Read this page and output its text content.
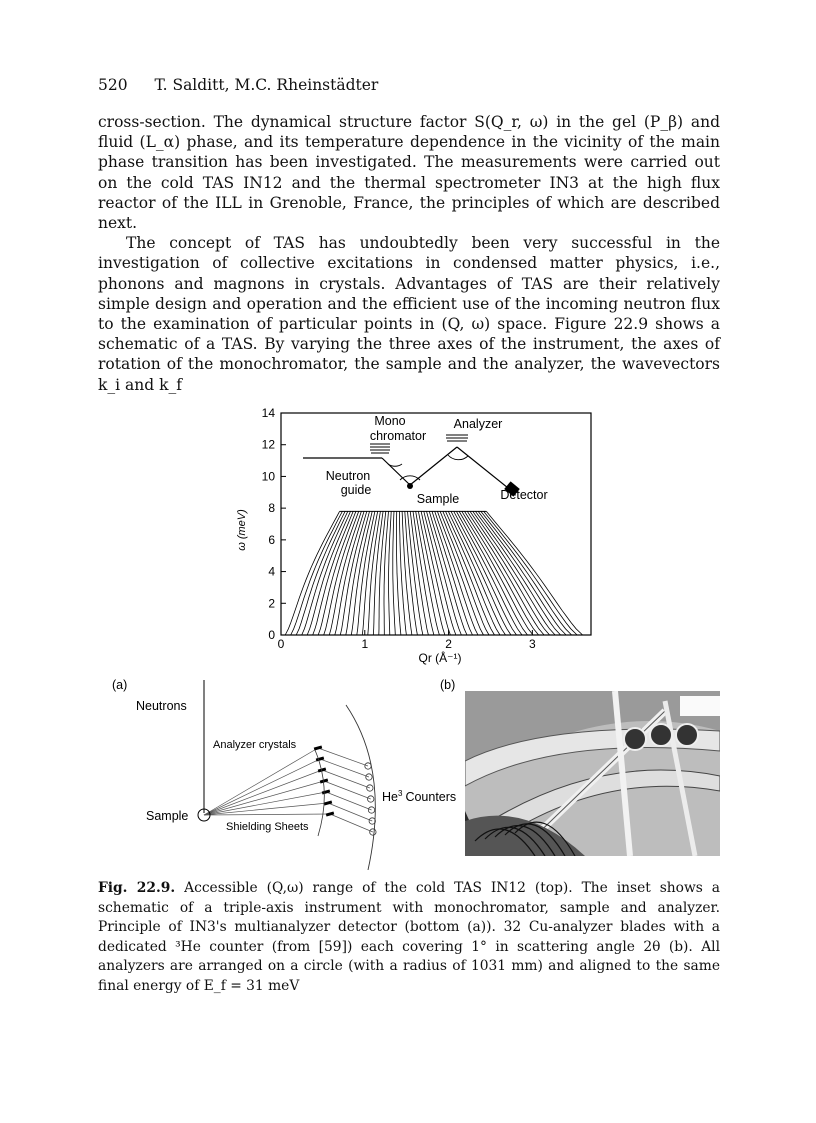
520 T. Salditt, M.C. Rheinstädter

cross-section. The dynamical structure factor S(Q_r, ω) in the gel (P_β) and fluid (L_α) phase, and its temperature dependence in the vicinity of the main phase transition has been investigated. The measurements were carried out on the cold TAS IN12 and the thermal spectrometer IN3 at the high flux reactor of the ILL in Grenoble, France, the principles of which are described next.

The concept of TAS has undoubtedly been very successful in the investigation of collective excitations in condensed matter physics, i.e., phonons and magnons in crystals. Advantages of TAS are their relatively simple design and operation and the efficient use of the incoming neutron flux to the examination of particular points in (Q, ω) space. Figure 22.9 shows a schematic of a TAS. By varying the three axes of the instrument, the axes of rotation of the monochromator, the sample and the analyzer, the wavevectors k_i and k_f

0
2
4
6
8
10
12
14
0	1	2	3
ω (meV)
Qr (Å⁻¹)
Mono
chromator
Analyzer
Neutron
guide
Sample	Detector
(a)
Neutrons
Analyzer crystals
Sample
He$^3$ Counters
Shielding Sheets
(b)
Fig. 22.9. Accessible (Q,ω) range of the cold TAS IN12 (top). The inset shows a schematic of a triple-axis instrument with monochromator, sample and analyzer. Principle of IN3's multianalyzer detector (bottom (a)). 32 Cu-analyzer blades with a dedicated ³He counter (from [59]) each covering 1° in scattering angle 2θ (b). All analyzers are arranged on a circle (with a radius of 1031 mm) and aligned to the same final energy of E_f = 31 meV
